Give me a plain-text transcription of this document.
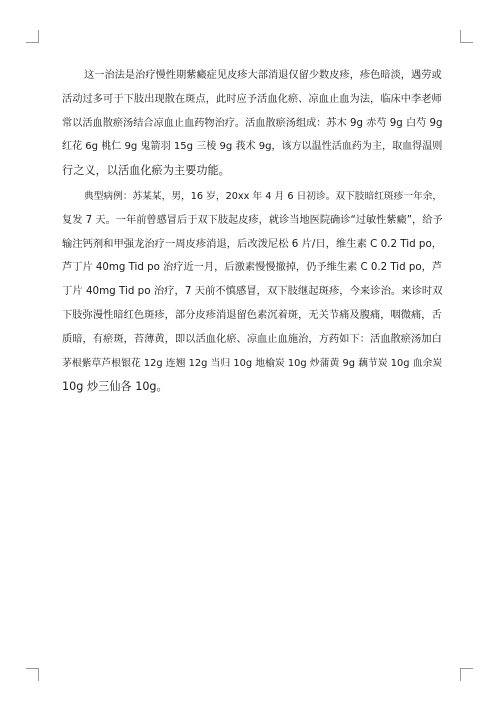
这一治法是治疗慢性期紫癜症见皮疹大部消退仅留少数皮疹，疹色暗淡，遇劳或
活动过多可于下肢出现散在斑点，此时应予活血化瘀、凉血止血为法，临床中李老师
常以活血散瘀汤结合凉血止血药物治疗。活血散瘀汤组成：苏木 9g 赤芍 9g 白芍 9g
红花 6g 桃仁 9g 鬼箭羽 15g 三棱 9g 莪术 9g，该方以温性活血药为主，取血得温则
行之义，以活血化瘀为主要功能。
典型病例：苏某某，男，16 岁，20xx 年 4 月 6 日初诊。双下肢暗红斑疹一年余，
复发 7 天。一年前曾感冒后于双下肢起皮疹，就诊当地医院确诊“过敏性紫癜”，给予
输注钙剂和甲强龙治疗一周皮疹消退，后改泼尼松 6 片/日，维生素 C 0.2 Tid po，
芦丁片 40mg Tid po 治疗近一月，后激素慢慢撤掉，仍予维生素 C 0.2 Tid po，芦
丁片 40mg Tid po 治疗，7 天前不慎感冒，双下肢继起斑疹，今来诊治。来诊时双
下肢弥漫性暗红色斑疹，部分皮疹消退留色素沉着斑，无关节痛及腹痛，咽微痛，舌
质暗，有瘀斑，苔薄黄，即以活血化瘀、凉血止血施治，方药如下：活血散瘀汤加白
茅根紫草芦根银花 12g 连翘 12g 当归 10g 地榆炭 10g 炒蒲黄 9g 藕节炭 10g 血余炭
10g 炒三仙各 10g。
